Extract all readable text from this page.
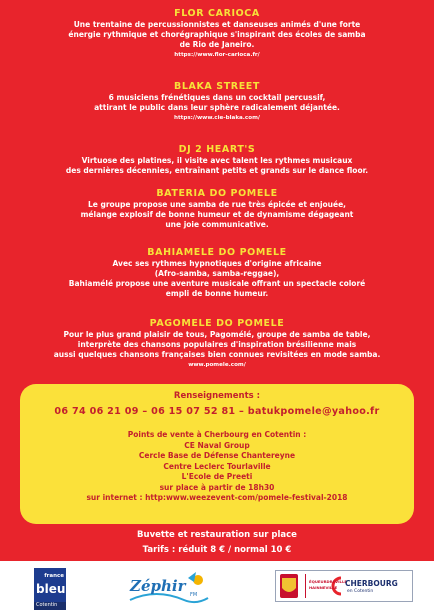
FLOR CARIOCA
Une trentaine de percussionnistes et danseuses animés d'une forte
énergie rythmique et chorégraphique s'inspirant des écoles de samba
de Rio de Janeiro.
https://www.flor-carioca.fr/
BLAKA STREET
6 musiciens frénétiques dans un cocktail percussif,
attirant le public dans leur sphère radicalement déjantée.
https://www.cie-blaka.com/
DJ 2 HEART'S
Virtuose des platines, il visite avec talent les rythmes musicaux
des dernières décennies, entraînant petits et grands sur le dance floor.
BATERIA DO POMELE
Le groupe propose une samba de rue très épicée et enjouée,
mélange explosif de bonne humeur et de dynamisme dégageant
une joie communicative.
BAHIAMELE DO POMELE
Avec ses rythmes hypnotiques d'origine africaine
(Afro-samba, samba-reggae),
Bahiamélé propose une aventure musicale offrant un spectacle coloré
empli de bonne humeur.
PAGOMELE DO POMELE
Pour le plus grand plaisir de tous, Pagomélé, groupe de samba de table,
interprète des chansons populaires d'inspiration brésilienne mais
aussi quelques chansons françaises bien connues revisitées en mode samba.
www.pomele.com/
Renseignements :
06 74 06 21 09 – 06 15 07 52 81 – batukpomele@yahoo.fr
Points de vente à Cherbourg en Cotentin :
CE Naval Group
Cercle Base de Défense Chantereyne
Centre Leclerc Tourlaville
L'Ecole de Preeti
sur place à partir de 18h30
sur internet : http:www.weezevent-com/pomele-festival-2018
Buvette et restauration sur place
Tarifs : réduit 8 € / normal 10 €
france
bleu
Cotentin
Zéphir FM
ÉQUEURDREVILLE
HAINNEVILLE CHERBOURG
en Cotentin
